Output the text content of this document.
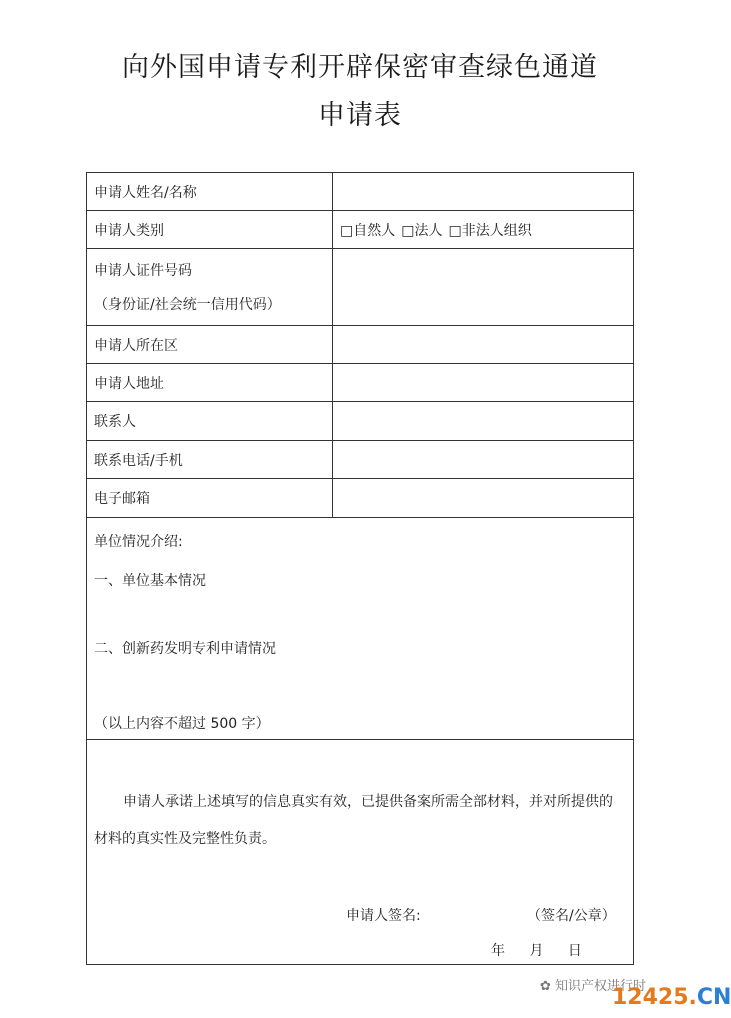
向外国申请专利开辟保密审查绿色通道
申请表
申请人姓名/名称
申请人类别	□自然人 □法人 □非法人组织
申请人证件号码
（身份证/社会统一信用代码）
申请人所在区
申请人地址
联系人
联系电话/手机
电子邮箱
单位情况介绍:
一、单位基本情况
二、创新药发明专利申请情况
（以上内容不超过 500 字）
申请人承诺上述填写的信息真实有效，已提供备案所需全部材料，并对所提供的
材料的真实性及完整性负责。
申请人签名:	（签名/公章）
年 月 日
✿ 知识产权进行时
12425.CN
